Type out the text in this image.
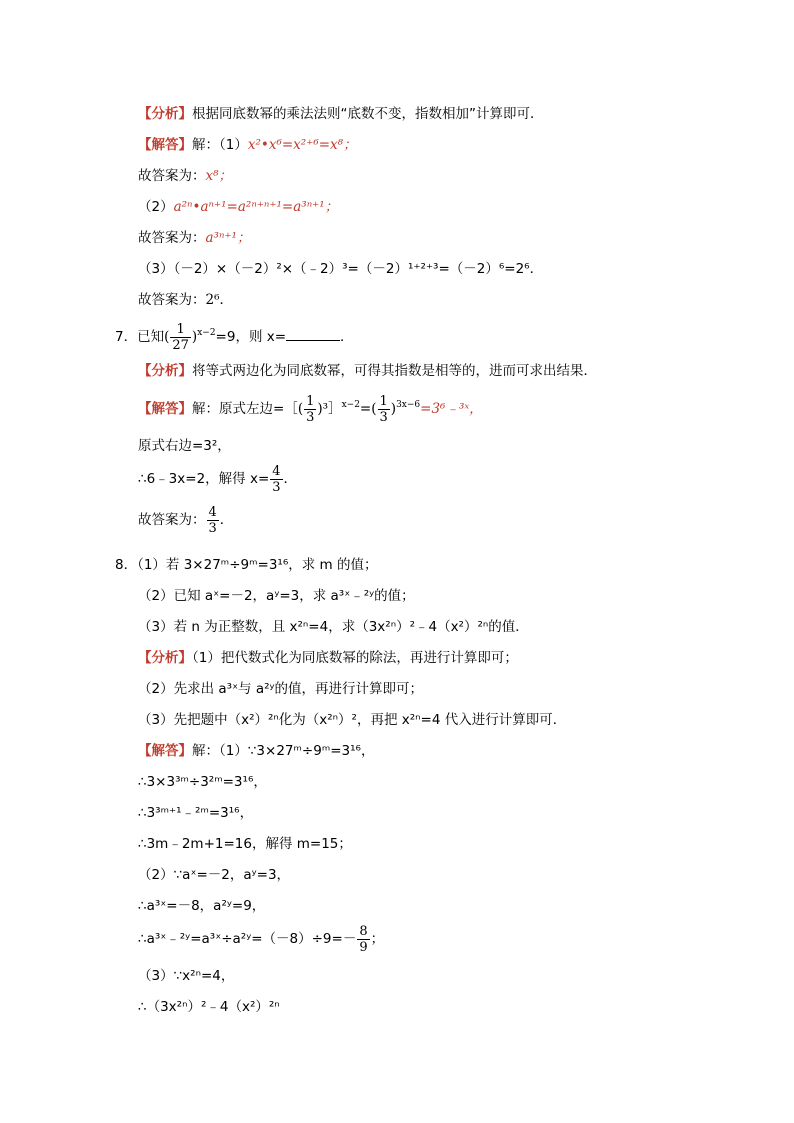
【分析】根据同底数幂的乘法法则“底数不变，指数相加”计算即可．
【解答】解：（1）x²•x⁶=x²⁺⁶=x⁸；
故答案为：x⁸；
（2）a²ⁿ•aⁿ⁺¹=a²ⁿ⁺ⁿ⁺¹=a³ⁿ⁺¹；
故答案为：a³ⁿ⁺¹；
（3）（－2）×（－2）²×（﹣2）³=（－2）¹⁺²⁺³=（－2）⁶=2⁶．
故答案为：2⁶．
7．已知( $\frac{1}{27} )^{x-2}=9$，则 x=	．
【分析】将等式两边化为同底数幂，可得其指数是相等的，进而可求出结果．
【解答】解：原式左边=［( $\frac{1}{3}$ )³］$^{x-2}$=( $\frac{1}{3}$ )$^{3x-6}$=3⁶﹣³ˣ，
原式右边=3²，
∴6﹣3x=2，解得 $x= \frac{4}{3}$ ．
故答案为： $\frac{4}{3}$ ．
8．（1）若 3×27ᵐ÷9ᵐ=3¹⁶，求 m 的值；
（2）已知 aˣ=－2，aʸ=3，求 a³ˣ﹣²ʸ的值；
（3）若 n 为正整数，且 x²ⁿ=4，求（3x²ⁿ）²﹣4（x²）²ⁿ的值．
【分析】（1）把代数式化为同底数幂的除法，再进行计算即可；
（2）先求出 a³ˣ与 a²ʸ的值，再进行计算即可；
（3）先把题中（x²）²ⁿ化为（x²ⁿ）²，再把 x²ⁿ=4 代入进行计算即可．
【解答】解：（1）∵3×27ᵐ÷9ᵐ=3¹⁶，
∴3×3³ᵐ÷3²ᵐ=3¹⁶，
∴3³ᵐ⁺¹﹣²ᵐ=3¹⁶，
∴3m﹣2m+1=16，解得 m=15；
（2）∵aˣ=－2，aʸ=3，
∴a³ˣ=－8，a²ʸ=9，
∴a³ˣ﹣²ʸ=a³ˣ÷a²ʸ=（－8）÷9=－ $\frac{8}{9}$ ；
（3）∵x²ⁿ=4，
∴（3x²ⁿ）²﹣4（x²）²ⁿ
